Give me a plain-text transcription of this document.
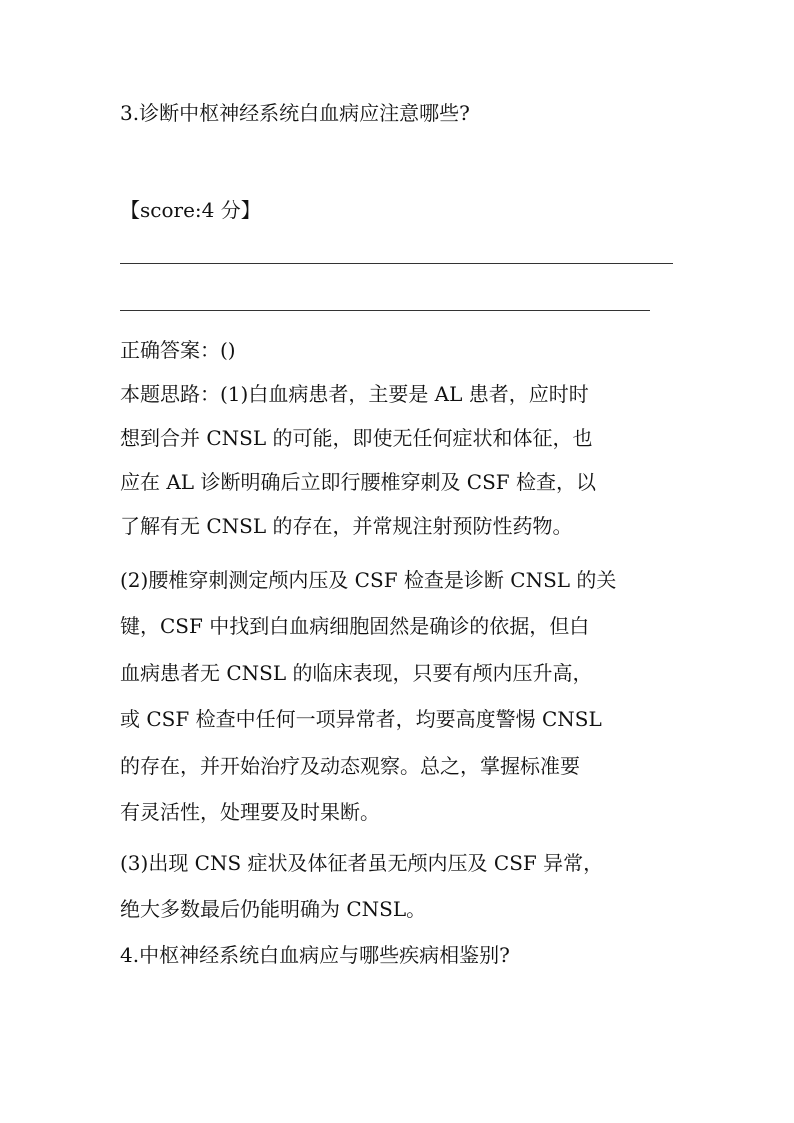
3.诊断中枢神经系统白血病应注意哪些?
【score:4 分】
正确答案：()
本题思路：(1)白血病患者，主要是 AL 患者，应时时
想到合并 CNSL 的可能，即使无任何症状和体征，也
应在 AL 诊断明确后立即行腰椎穿刺及 CSF 检查，以
了解有无 CNSL 的存在，并常规注射预防性药物。
(2)腰椎穿刺测定颅内压及 CSF 检查是诊断 CNSL 的关
键，CSF 中找到白血病细胞固然是确诊的依据，但白
血病患者无 CNSL 的临床表现，只要有颅内压升高，
或 CSF 检查中任何一项异常者，均要高度警惕 CNSL
的存在，并开始治疗及动态观察。总之，掌握标准要
有灵活性，处理要及时果断。
(3)出现 CNS 症状及体征者虽无颅内压及 CSF 异常，
绝大多数最后仍能明确为 CNSL。
4.中枢神经系统白血病应与哪些疾病相鉴别?
